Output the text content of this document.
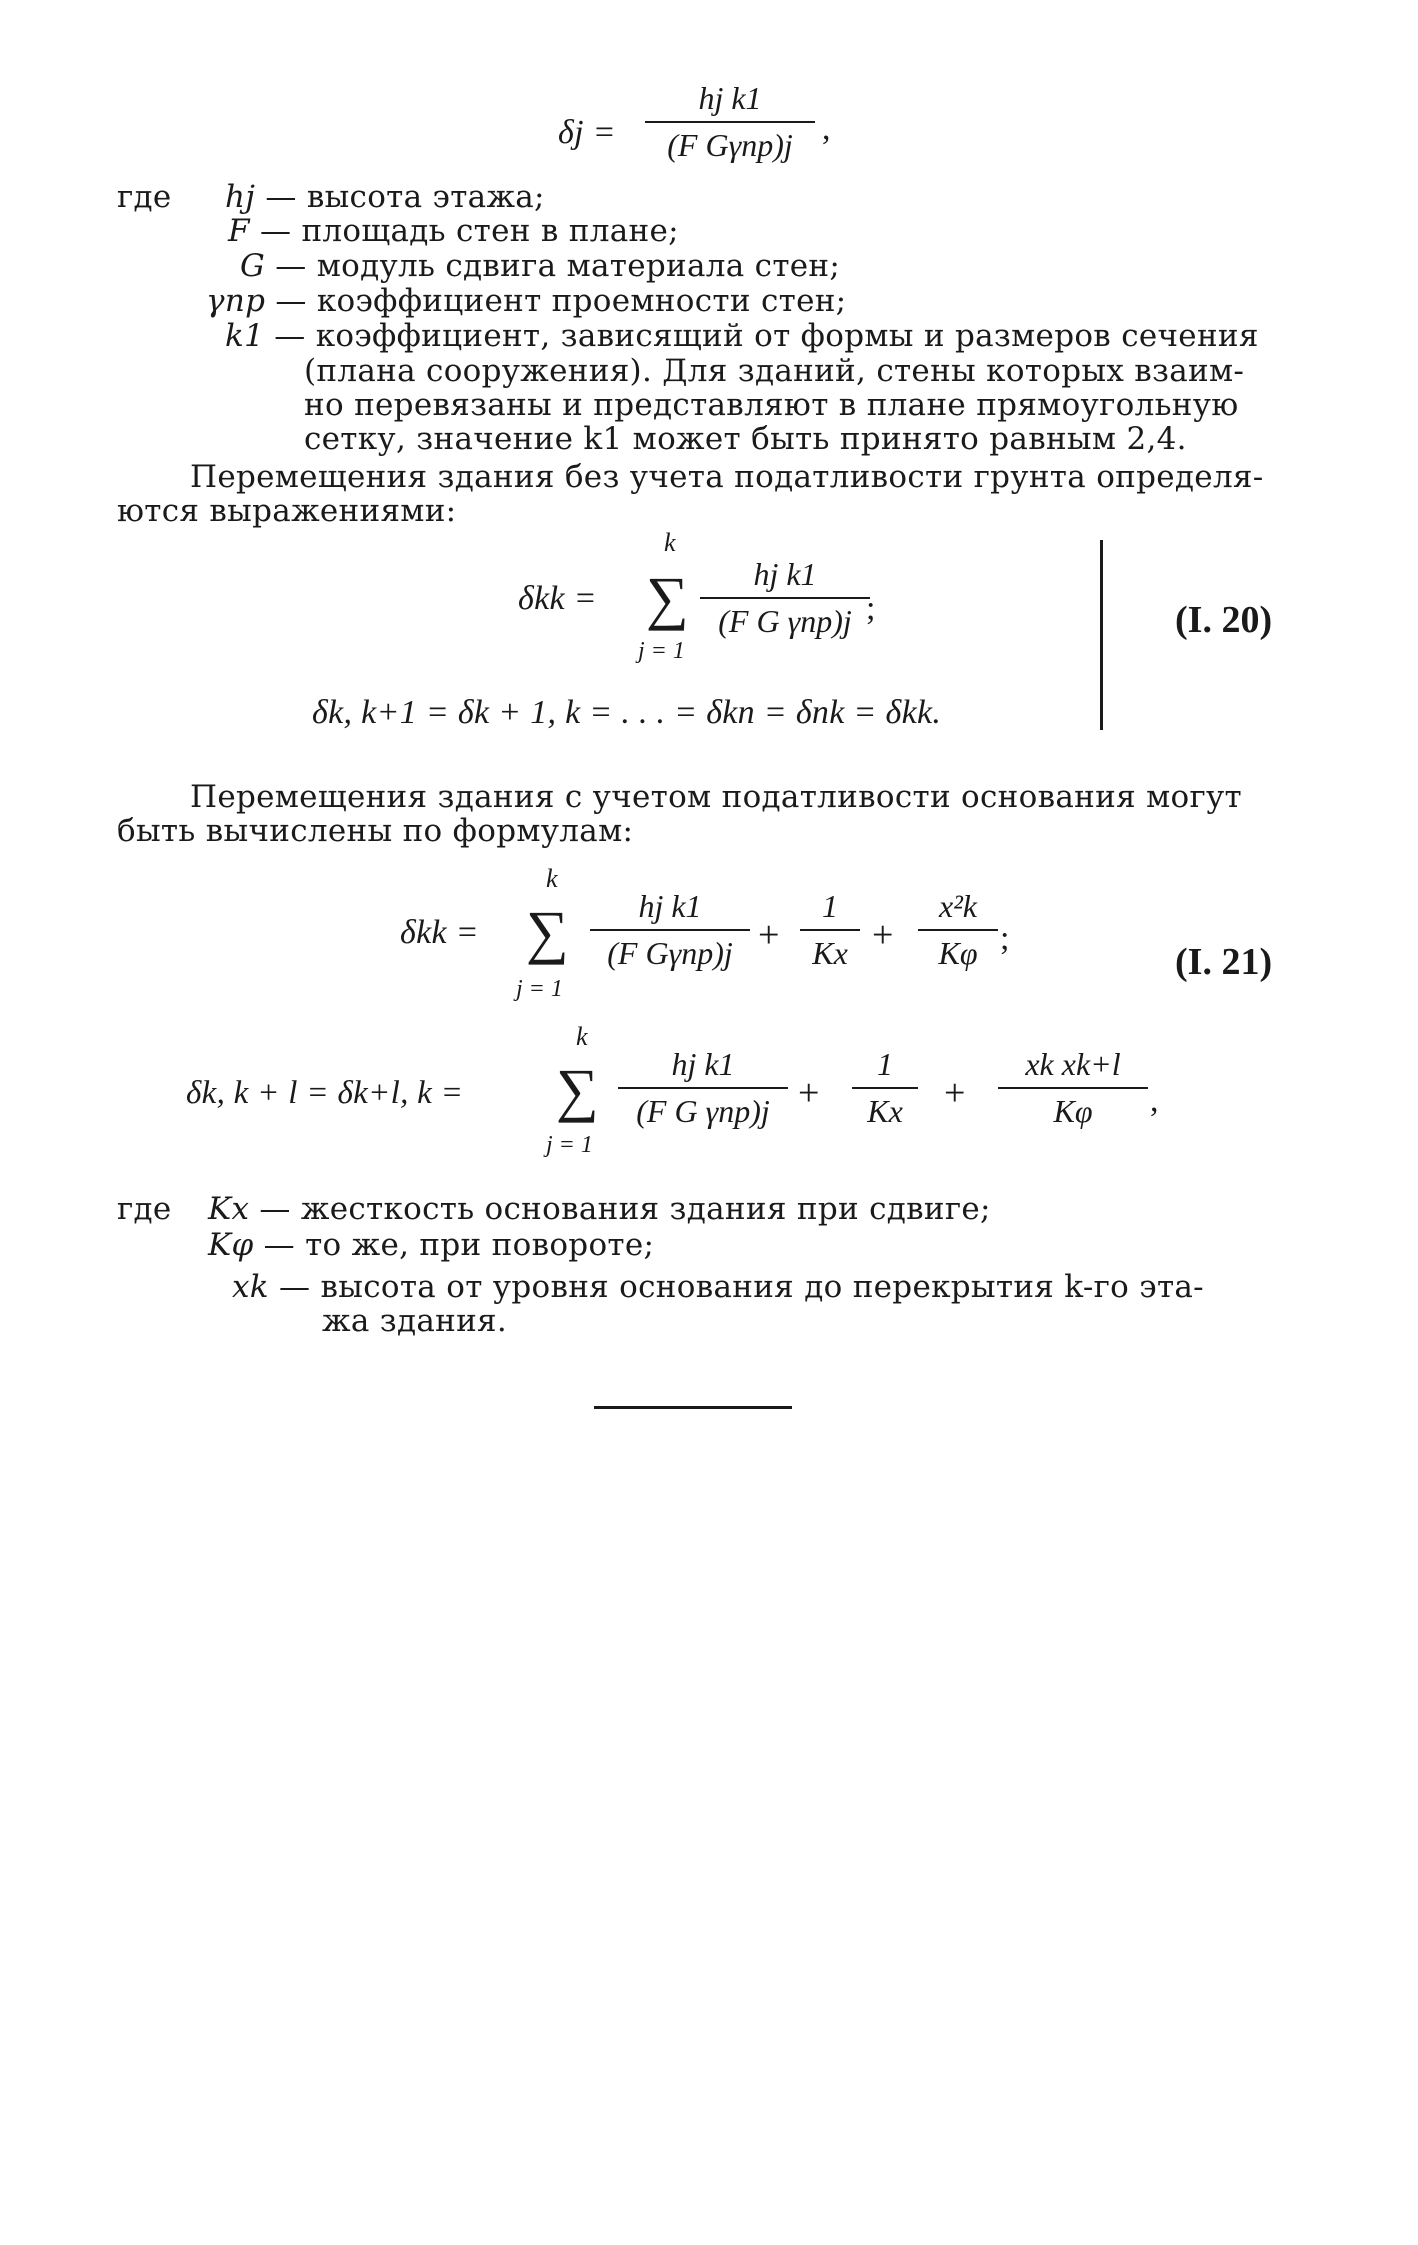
δj =
hj k1
(F Gγпр)j ,
где hj — высота этажа;
F — площадь стен в плане;
G — модуль сдвига материала стен;
γпр — коэффициент проемности стен;
k1 — коэффициент, зависящий от формы и размеров сечения
(плана сооружения). Для зданий, стены которых взаим-
но перевязаны и представляют в плане прямоугольную
сетку, значение k1 может быть принято равным 2,4.
Перемещения здания без учета податливости грунта определя-
ются выражениями:
k
δkk = ∑
j = 1
hj k1
(F G γпр)j ;
δk, k+1 = δk + 1, k = . . . = δkn = δnk = δkk.
(I. 20)
Перемещения здания с учетом податливости основания могут
быть вычислены по формулам:
k
δkk = ∑
j = 1
hj k1
(F Gγпр)j +
1
Kx +
x²k
Kφ ;
(I. 21)
k
δk, k + l = δk+l, k = ∑
j = 1
hj k1
(F G γпр)j +
1
Kx	+
xk xk+l
Kφ	,
где Kx — жесткость основания здания при сдвиге;
Kφ — то же, при повороте;
xk — высота от уровня основания до перекрытия k-го эта-
жа здания.
